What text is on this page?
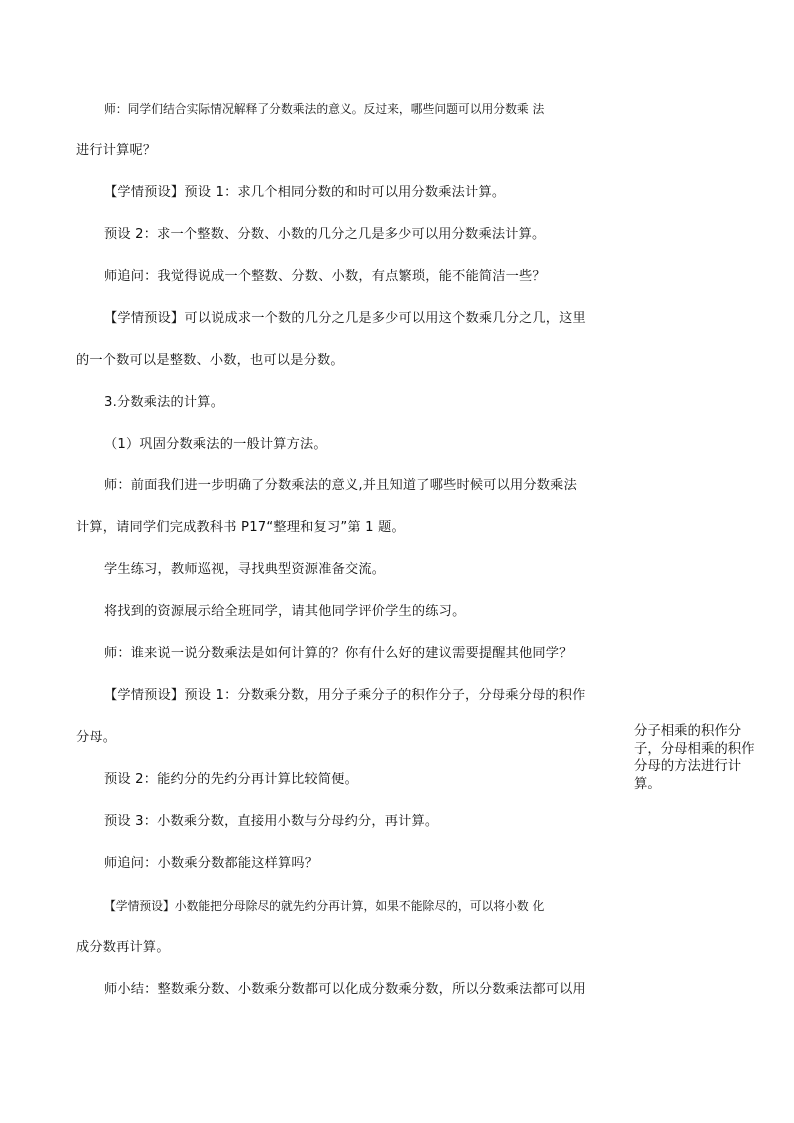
师：同学们结合实际情况解释了分数乘法的意义。反过来，哪些问题可以用分数乘 法
进行计算呢？
【学情预设】预设 1：求几个相同分数的和时可以用分数乘法计算。
预设 2：求一个整数、分数、小数的几分之几是多少可以用分数乘法计算。
师追问：我觉得说成一个整数、分数、小数，有点繁琐，能不能简洁一些？
【学情预设】可以说成求一个数的几分之几是多少可以用这个数乘几分之几，这里
的一个数可以是整数、小数，也可以是分数。
3.分数乘法的计算。
（1）巩固分数乘法的一般计算方法。
师：前面我们进一步明确了分数乘法的意义,并且知道了哪些时候可以用分数乘法
计算，请同学们完成教科书 P17“整理和复习”第 1 题。
学生练习，教师巡视，寻找典型资源准备交流。
将找到的资源展示给全班同学，请其他同学评价学生的练习。
师：谁来说一说分数乘法是如何计算的？你有什么好的建议需要提醒其他同学？
【学情预设】预设 1：分数乘分数，用分子乘分子的积作分子，分母乘分母的积作
分母。
预设 2：能约分的先约分再计算比较简便。
预设 3：小数乘分数，直接用小数与分母约分，再计算。
师追问：小数乘分数都能这样算吗？
【学情预设】小数能把分母除尽的就先约分再计算，如果不能除尽的，可以将小数 化
成分数再计算。
师小结：整数乘分数、小数乘分数都可以化成分数乘分数，所以分数乘法都可以用
分子相乘的积作分子，分母相乘的积作分母的方法进行计算。
